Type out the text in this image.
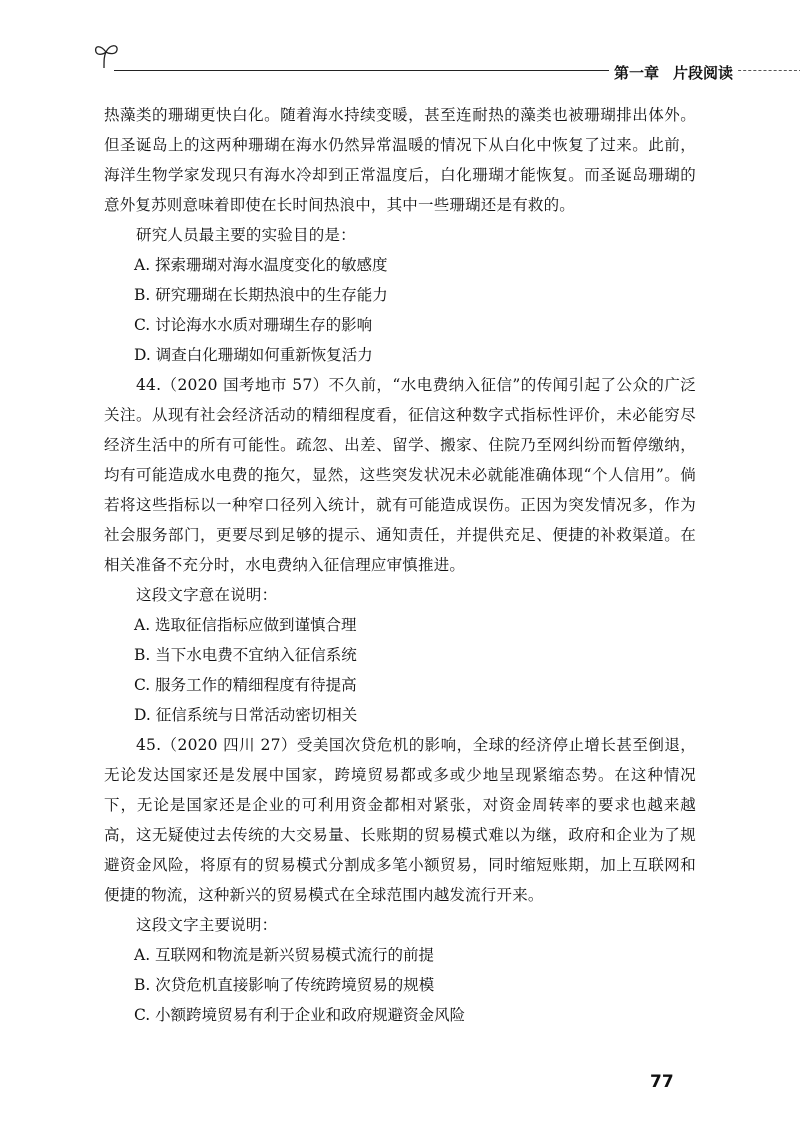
第一章 片段阅读

热藻类的珊瑚更快白化。随着海水持续变暖，甚至连耐热的藻类也被珊瑚排出体外。但圣诞岛上的这两种珊瑚在海水仍然异常温暖的情况下从白化中恢复了过来。此前，海洋生物学家发现只有海水冷却到正常温度后，白化珊瑚才能恢复。而圣诞岛珊瑚的意外复苏则意味着即使在长时间热浪中，其中一些珊瑚还是有救的。

研究人员最主要的实验目的是：

A. 探索珊瑚对海水温度变化的敏感度

B. 研究珊瑚在长期热浪中的生存能力

C. 讨论海水水质对珊瑚生存的影响

D. 调查白化珊瑚如何重新恢复活力

44.（2020 国考地市 57）不久前，“水电费纳入征信”的传闻引起了公众的广泛关注。从现有社会经济活动的精细程度看，征信这种数字式指标性评价，未必能穷尽经济生活中的所有可能性。疏忽、出差、留学、搬家、住院乃至网纠纷而暂停缴纳，均有可能造成水电费的拖欠，显然，这些突发状况未必就能准确体现“个人信用”。倘若将这些指标以一种窄口径列入统计，就有可能造成误伤。正因为突发情况多，作为社会服务部门，更要尽到足够的提示、通知责任，并提供充足、便捷的补救渠道。在相关准备不充分时，水电费纳入征信理应审慎推进。

这段文字意在说明：

A. 选取征信指标应做到谨慎合理

B. 当下水电费不宜纳入征信系统

C. 服务工作的精细程度有待提高

D. 征信系统与日常活动密切相关

45.（2020 四川 27）受美国次贷危机的影响，全球的经济停止增长甚至倒退，无论发达国家还是发展中国家，跨境贸易都或多或少地呈现紧缩态势。在这种情况下，无论是国家还是企业的可利用资金都相对紧张，对资金周转率的要求也越来越高，这无疑使过去传统的大交易量、长账期的贸易模式难以为继，政府和企业为了规避资金风险，将原有的贸易模式分割成多笔小额贸易，同时缩短账期，加上互联网和便捷的物流，这种新兴的贸易模式在全球范围内越发流行开来。

这段文字主要说明：

A. 互联网和物流是新兴贸易模式流行的前提

B. 次贷危机直接影响了传统跨境贸易的规模

C. 小额跨境贸易有利于企业和政府规避资金风险

77
